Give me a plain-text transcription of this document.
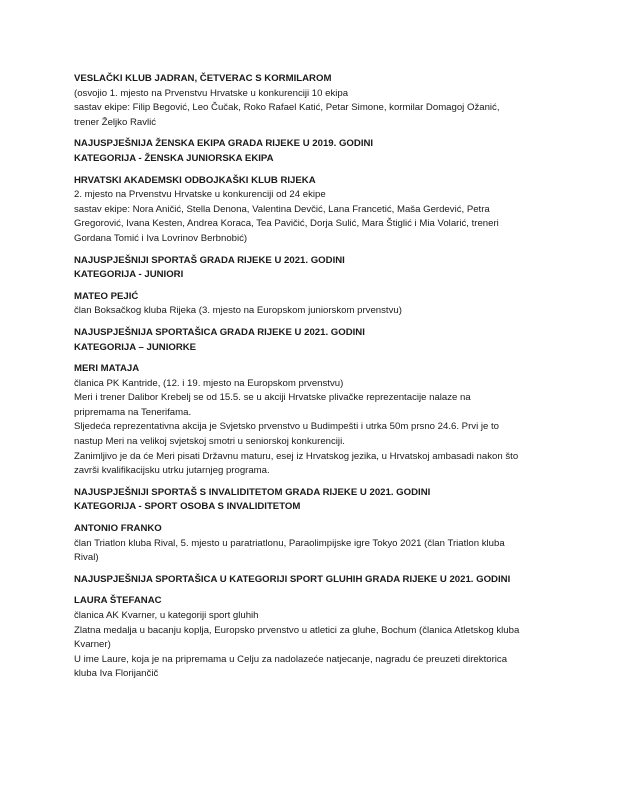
VESLAČKI KLUB JADRAN, ČETVERAC S KORMILAROM

(osvojio 1. mjesto na Prvenstvu Hrvatske u konkurenciji 10 ekipa

sastav ekipe: Filip Begović, Leo Čučak, Roko Rafael Katić, Petar Simone, kormilar Domagoj Ožanić,

trener Željko Ravlić

NAJUSPJEŠNIJA ŽENSKA EKIPA GRADA RIJEKE U 2019. GODINI

KATEGORIJA - ŽENSKA JUNIORSKA EKIPA

HRVATSKI AKADEMSKI ODBOJKAŠKI KLUB RIJEKA

2. mjesto na Prvenstvu Hrvatske u konkurenciji od 24 ekipe

sastav ekipe: Nora Aničić, Stella Denona, Valentina Devčić, Lana Francetić, Maša Gerdević, Petra

Gregorović, Ivana Kesten, Andrea Koraca, Tea Pavičić, Dorja Sulić, Mara Štiglić i Mia Volarić, treneri

Gordana Tomić i Iva Lovrinov Berbnobić)

NAJUSPJEŠNIJI SPORTAŠ GRADA RIJEKE U 2021. GODINI

KATEGORIJA - JUNIORI

MATEO PEJIĆ

član Boksačkog kluba Rijeka (3. mjesto na Europskom juniorskom prvenstvu)

NAJUSPJEŠNIJA SPORTAŠICA GRADA RIJEKE U 2021. GODINI

KATEGORIJA – JUNIORKE

MERI MATAJA

članica PK Kantride, (12. i 19. mjesto na Europskom prvenstvu)

Meri i trener Dalibor Krebelj se od 15.5. se u akciji Hrvatske plivačke reprezentacije nalaze na

pripremama na Tenerifama.

Sljedeća reprezentativna akcija je Svjetsko prvenstvo u Budimpešti i utrka 50m prsno 24.6. Prvi je to

nastup Meri na velikoj svjetskoj smotri u seniorskoj konkurenciji.

Zanimljivo je da će Meri pisati Državnu maturu, esej iz Hrvatskog jezika, u Hrvatskoj ambasadi nakon što

završi kvalifikacijsku utrku jutarnjeg programa.

NAJUSPJEŠNIJI SPORTAŠ S INVALIDITETOM GRADA RIJEKE U 2021. GODINI

KATEGORIJA - SPORT OSOBA S INVALIDITETOM

ANTONIO FRANKO

član Triatlon kluba Rival, 5. mjesto u paratriatlonu, Paraolimpijske igre Tokyo 2021 (član Triatlon kluba

Rival)

NAJUSPJEŠNIJA SPORTAŠICA U KATEGORIJI SPORT GLUHIH GRADA RIJEKE U 2021. GODINI

LAURA ŠTEFANAC

članica AK Kvarner, u kategoriji sport gluhih

Zlatna medalja u bacanju koplja, Europsko prvenstvo u atletici za gluhe, Bochum (članica Atletskog kluba

Kvarner)

U ime Laure, koja je na pripremama u Celju za nadolazeće natjecanje, nagradu će preuzeti direktorica

kluba Iva Florijančič
